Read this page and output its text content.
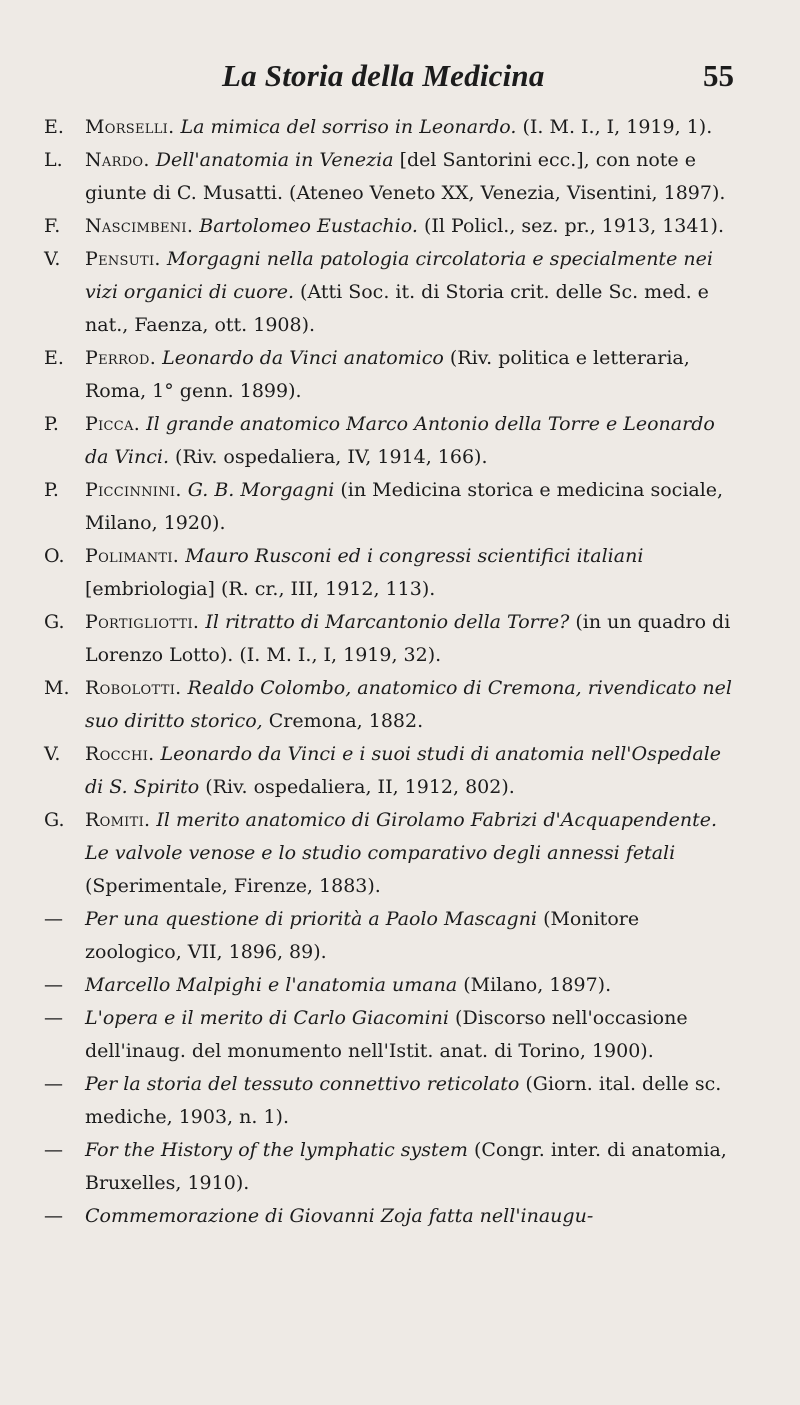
La Storia della Medicina	55
E. Morselli. La mimica del sorriso in Leonardo. (I. M. I., I, 1919, 1).
L. Nardo. Dell'anatomia in Venezia [del Santorini ecc.], con note e giunte di C. Musatti. (Ateneo Veneto XX, Venezia, Visentini, 1897).
F. Nascimbeni. Bartolomeo Eustachio. (Il Policl., sez. pr., 1913, 1341).
V. Pensuti. Morgagni nella patologia circolatoria e specialmente nei vizi organici di cuore. (Atti Soc. it. di Storia crit. delle Sc. med. e nat., Faenza, ott. 1908).
E. Perrod. Leonardo da Vinci anatomico (Riv. politica e letteraria, Roma, 1° genn. 1899).
P. Picca. Il grande anatomico Marco Antonio della Torre e Leonardo da Vinci. (Riv. ospedaliera, IV, 1914, 166).
P. Piccinnini. G. B. Morgagni (in Medicina storica e medicina sociale, Milano, 1920).
O. Polimanti. Mauro Rusconi ed i congressi scientifici italiani [embriologia] (R. cr., III, 1912, 113).
G. Portigliotti. Il ritratto di Marcantonio della Torre? (in un quadro di Lorenzo Lotto). (I. M. I., I, 1919, 32).
M. Robolotti. Realdo Colombo, anatomico di Cremona, rivendicato nel suo diritto storico, Cremona, 1882.
V. Rocchi. Leonardo da Vinci e i suoi studi di anatomia nell'Ospedale di S. Spirito (Riv. ospedaliera, II, 1912, 802).
G. Romiti. Il merito anatomico di Girolamo Fabrizi d'Acquapendente. Le valvole venose e lo studio comparativo degli annessi fetali (Sperimentale, Firenze, 1883).
— Per una questione di priorità a Paolo Mascagni (Monitore zoologico, VII, 1896, 89).
— Marcello Malpighi e l'anatomia umana (Milano, 1897).
— L'opera e il merito di Carlo Giacomini (Discorso nell'occasione dell'inaug. del monumento nell'Istit. anat. di Torino, 1900).
— Per la storia del tessuto connettivo reticolato (Giorn. ital. delle sc. mediche, 1903, n. 1).
— For the History of the lymphatic system (Congr. inter. di anatomia, Bruxelles, 1910).
— Commemorazione di Giovanni Zoja fatta nell'inaugu-
